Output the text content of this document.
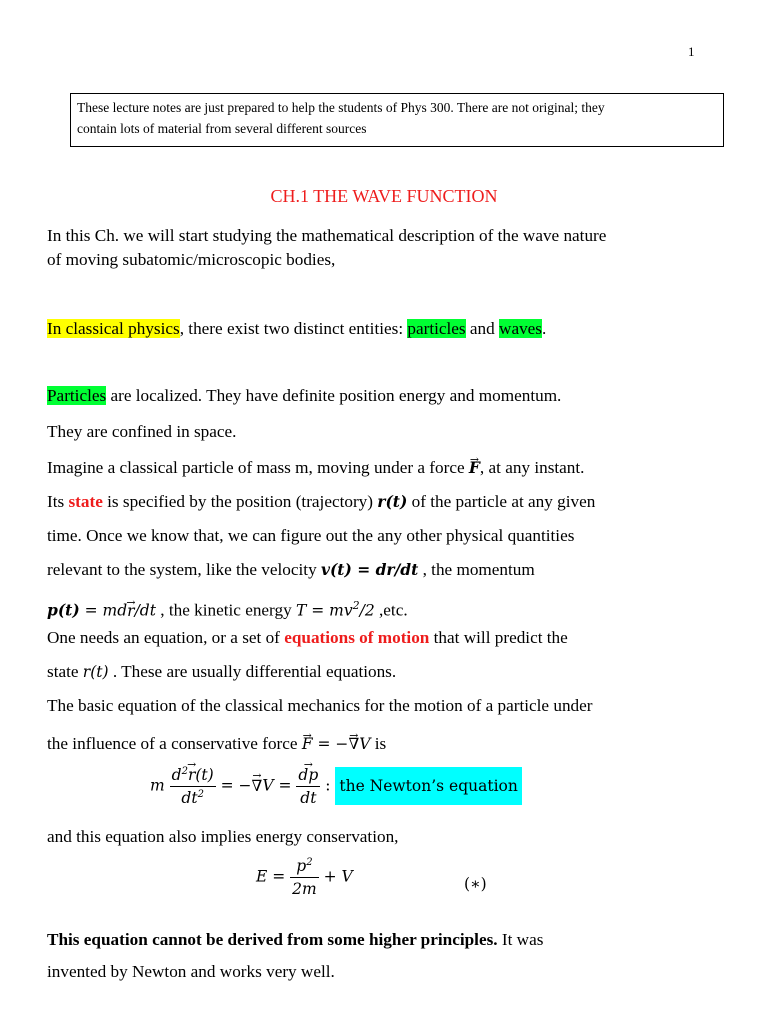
1
These lecture notes are just prepared to help the students of Phys 300. There are not original; they
contain lots of material from several different sources
CH.1 THE WAVE FUNCTION
In this Ch. we will start studying the mathematical description of the wave nature
of moving subatomic/microscopic bodies,
In classical physics, there exist two distinct entities: particles and waves.
Particles are localized. They have definite position energy and momentum.
They are confined in space.
Imagine a classical particle of mass m, moving under a force → F, at any instant.
Its state is specified by the position (trajectory) r(t) of the particle at any given
time. Once we know that, we can figure out the any other physical quantities
relevant to the system, like the velocity v(t) = dr/dt , the momentum
p(t) = md→ r/dt , the kinetic energy $T = mv^2/2$ ,etc.
One needs an equation, or a set of equations of motion that will predict the
state r(t) . These are usually differential equations.
The basic equation of the classical mechanics for the motion of a particle under
the influence of a conservative force → F = −→ ∇V is
m $\frac{d^2\to r(t)}{dt^2}$ = −→ ∇V =
→ $\frac{dp}{dt}$ : the Newton’s equation
and this equation also implies energy conservation,
$E = \frac{p^2}{2m} + V$	(∗)
This equation cannot be derived from some higher principles. It was
invented by Newton and works very well.
